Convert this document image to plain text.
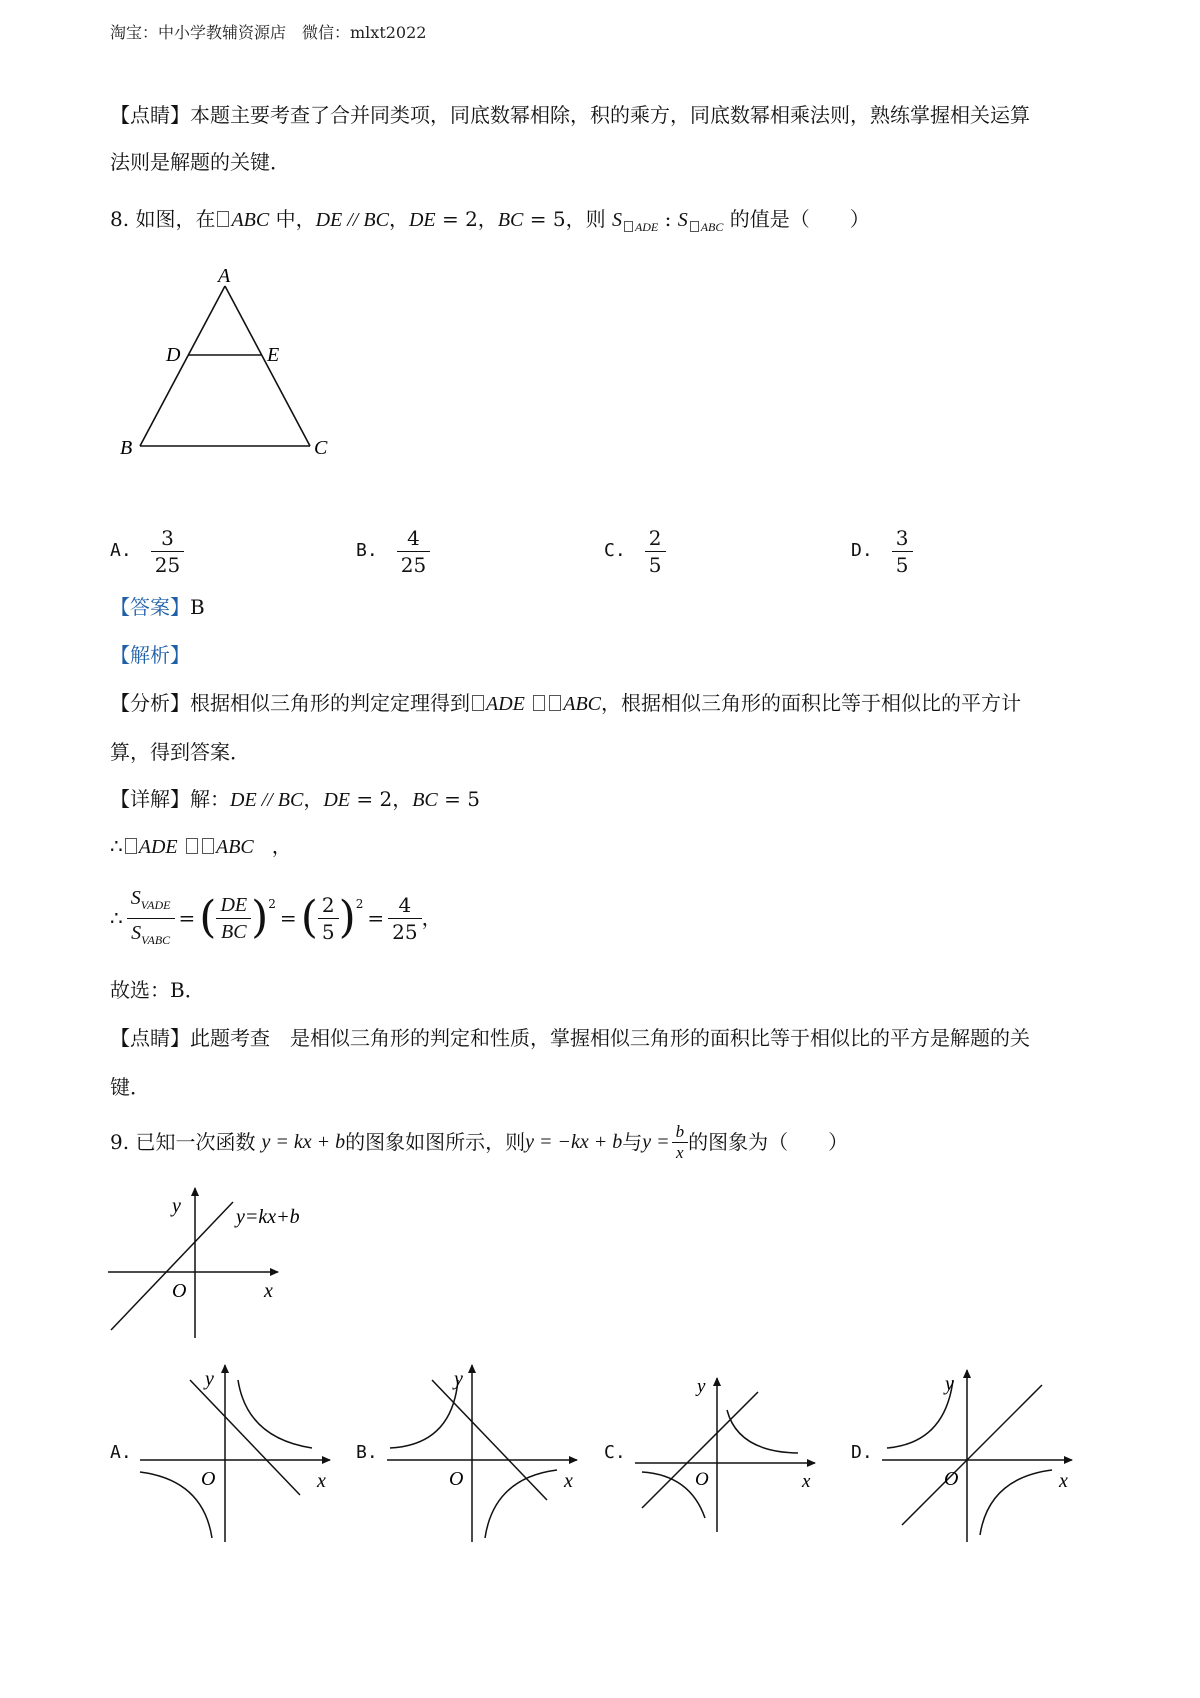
淘宝：中小学教辅资源店　微信：mlxt2022
【点睛】本题主要考查了合并同类项，同底数幂相除，积的乘方，同底数幂相乘法则，熟练掌握相关运算
法则是解题的关键．
8. 如图，在 ABC 中，DE // BC，DE = 2，BC = 5，则 S $_{ADE}$ : S $_{ABC}$ 的值是（　　）
A
D	E
B	C
A. $\frac{3}{25}$	B. $\frac{4}{25}$	C. $\frac{2}{5}$	D. $\frac{3}{5}$
【答案】B
【解析】
【分析】根据相似三角形的判定定理得到 ADE ABC，根据相似三角形的面积比等于相似比的平方计
算，得到答案．
【详解】解：DE // BC，DE = 2，BC = 5
∴ ADE ABC ，
∴ $\frac{S_{VADE}}{S_{VABC}}$ = ( $\frac{DE}{BC} )^2$
= ( $\frac{2}{5} )^2$
= $\frac{4}{25}$ ，
故选：B．
【点睛】此题考查　是相似三角形的判定和性质，掌握相似三角形的面积比等于相似比的平方是解题的关
键．
9. 已知一次函数 y = kx + b 的图象如图所示，则 y = −kx + b 与 $y = \frac{b}{x}$ 的图象为（　　）
y
x
O
y=kx+b
A.
y
x
O
B.
y
x
O
C.
y
x
O
D.
y
x
O
